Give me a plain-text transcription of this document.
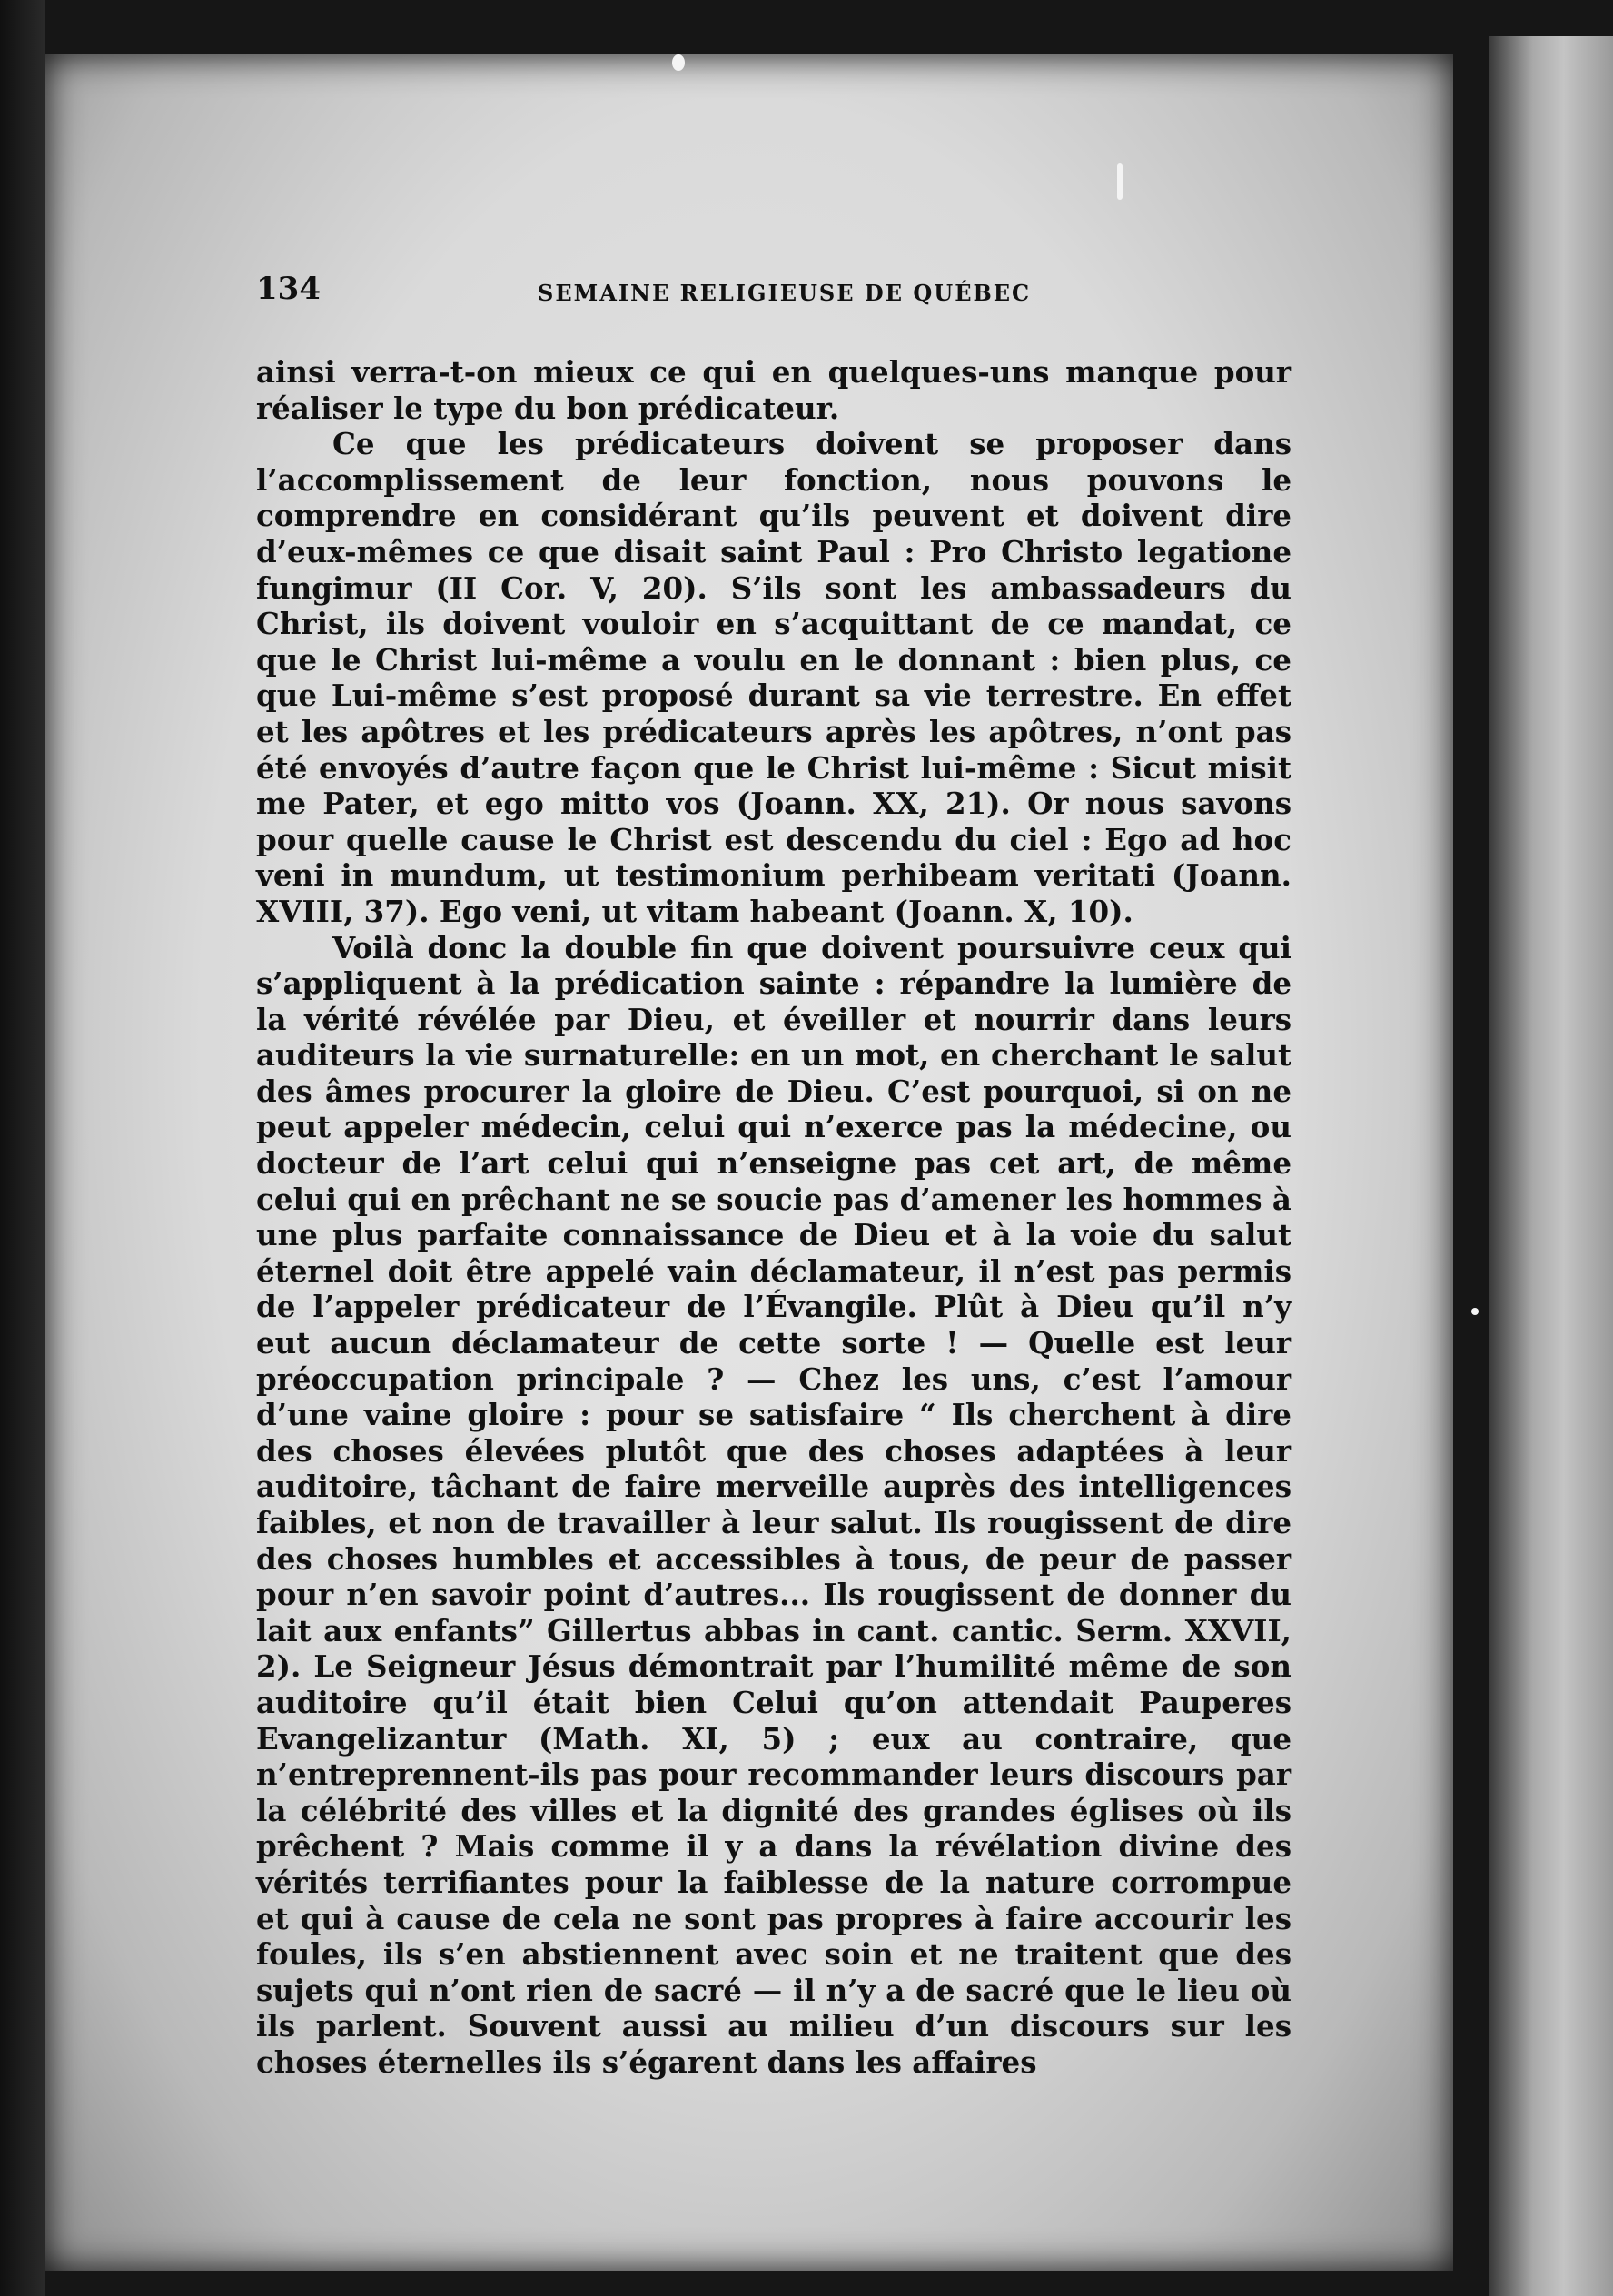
134	SEMAINE RELIGIEUSE DE QUÉBEC

ainsi verra-t-on mieux ce qui en quelques-uns manque pour réaliser le type du bon prédicateur.

Ce que les prédicateurs doivent se proposer dans l’accomplissement de leur fonction, nous pouvons le comprendre en considérant qu’ils peuvent et doivent dire d’eux-mêmes ce que disait saint Paul : Pro Christo legatione fungimur (II Cor. V, 20). S’ils sont les ambassadeurs du Christ, ils doivent vouloir en s’acquittant de ce mandat, ce que le Christ lui-même a voulu en le donnant : bien plus, ce que Lui-même s’est proposé durant sa vie terrestre. En effet et les apôtres et les prédicateurs après les apôtres, n’ont pas été envoyés d’autre façon que le Christ lui-même : Sicut misit me Pater, et ego mitto vos (Joann. XX, 21). Or nous savons pour quelle cause le Christ est descendu du ciel : Ego ad hoc veni in mundum, ut testimonium perhibeam veritati (Joann. XVIII, 37). Ego veni, ut vitam habeant (Joann. X, 10).

Voilà donc la double fin que doivent poursuivre ceux qui s’appliquent à la prédication sainte : répandre la lumière de la vérité révélée par Dieu, et éveiller et nourrir dans leurs auditeurs la vie surnaturelle: en un mot, en cherchant le salut des âmes procurer la gloire de Dieu. C’est pourquoi, si on ne peut appeler médecin, celui qui n’exerce pas la médecine, ou docteur de l’art celui qui n’enseigne pas cet art, de même celui qui en prêchant ne se soucie pas d’amener les hommes à une plus parfaite connaissance de Dieu et à la voie du salut éternel doit être appelé vain déclamateur, il n’est pas permis de l’appeler prédicateur de l’Évangile. Plût à Dieu qu’il n’y eut aucun déclamateur de cette sorte ! — Quelle est leur préoccupation principale ? — Chez les uns, c’est l’amour d’une vaine gloire : pour se satisfaire “ Ils cherchent à dire des choses élevées plutôt que des choses adaptées à leur auditoire, tâchant de faire merveille auprès des intelligences faibles, et non de travailler à leur salut. Ils rougissent de dire des choses humbles et accessibles à tous, de peur de passer pour n’en savoir point d’autres... Ils rougissent de donner du lait aux enfants” Gillertus abbas in cant. cantic. Serm. XXVII, 2). Le Seigneur Jésus démontrait par l’humilité même de son auditoire qu’il était bien Celui qu’on attendait Pauperes Evangelizantur (Math. XI, 5) ; eux au contraire, que n’entreprennent-ils pas pour recommander leurs discours par la célébrité des villes et la dignité des grandes églises où ils prêchent ? Mais comme il y a dans la révélation divine des vérités terrifiantes pour la faiblesse de la nature corrompue et qui à cause de cela ne sont pas propres à faire accourir les foules, ils s’en abstiennent avec soin et ne traitent que des sujets qui n’ont rien de sacré — il n’y a de sacré que le lieu où ils parlent. Souvent aussi au milieu d’un discours sur les choses éternelles ils s’égarent dans les affaires
